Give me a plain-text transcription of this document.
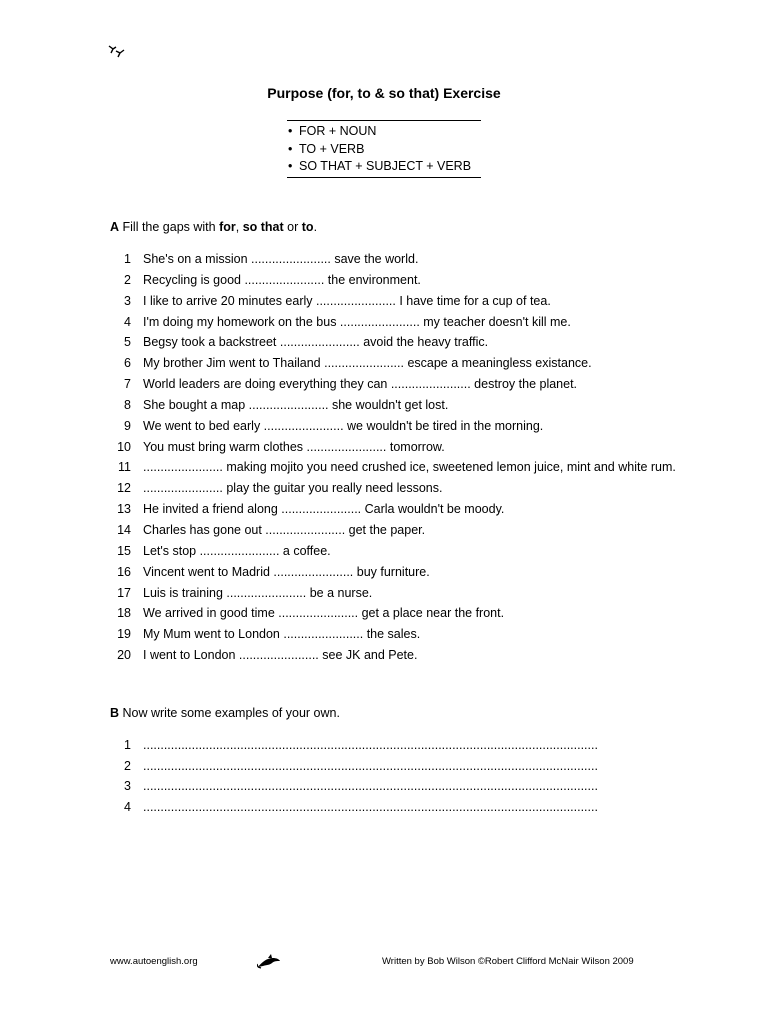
Purpose (for, to & so that) Exercise
• FOR + NOUN
• TO + VERB
• SO THAT + SUBJECT + VERB
A Fill the gaps with for, so that or to.
1 She's on a mission ....................... save the world.
2 Recycling is good ....................... the environment.
3 I like to arrive 20 minutes early ....................... I have time for a cup of tea.
4 I'm doing my homework on the bus ....................... my teacher doesn't kill me.
5 Begsy took a backstreet ....................... avoid the heavy traffic.
6 My brother Jim went to Thailand ....................... escape a meaningless existance.
7 World leaders are doing everything they can ....................... destroy the planet.
8 She bought a map ....................... she wouldn't get lost.
9 We went to bed early ....................... we wouldn't be tired in the morning.
10 You must bring warm clothes ....................... tomorrow.
11 ....................... making mojito you need crushed ice, sweetened lemon juice, mint and white rum.
12 ....................... play the guitar you really need lessons.
13 He invited a friend along ....................... Carla wouldn't be moody.
14 Charles has gone out ....................... get the paper.
15 Let's stop ....................... a coffee.
16 Vincent went to Madrid ....................... buy furniture.
17 Luis is training ....................... be a nurse.
18 We arrived in good time ....................... get a place near the front.
19 My Mum went to London ....................... the sales.
20 I went to London ....................... see JK and Pete.
B Now write some examples of your own.
1 ...................................................................................................................................
2 ...................................................................................................................................
3 ...................................................................................................................................
4 ...................................................................................................................................
www.autoenglish.org	Written by Bob Wilson ©Robert Clifford McNair Wilson 2009
